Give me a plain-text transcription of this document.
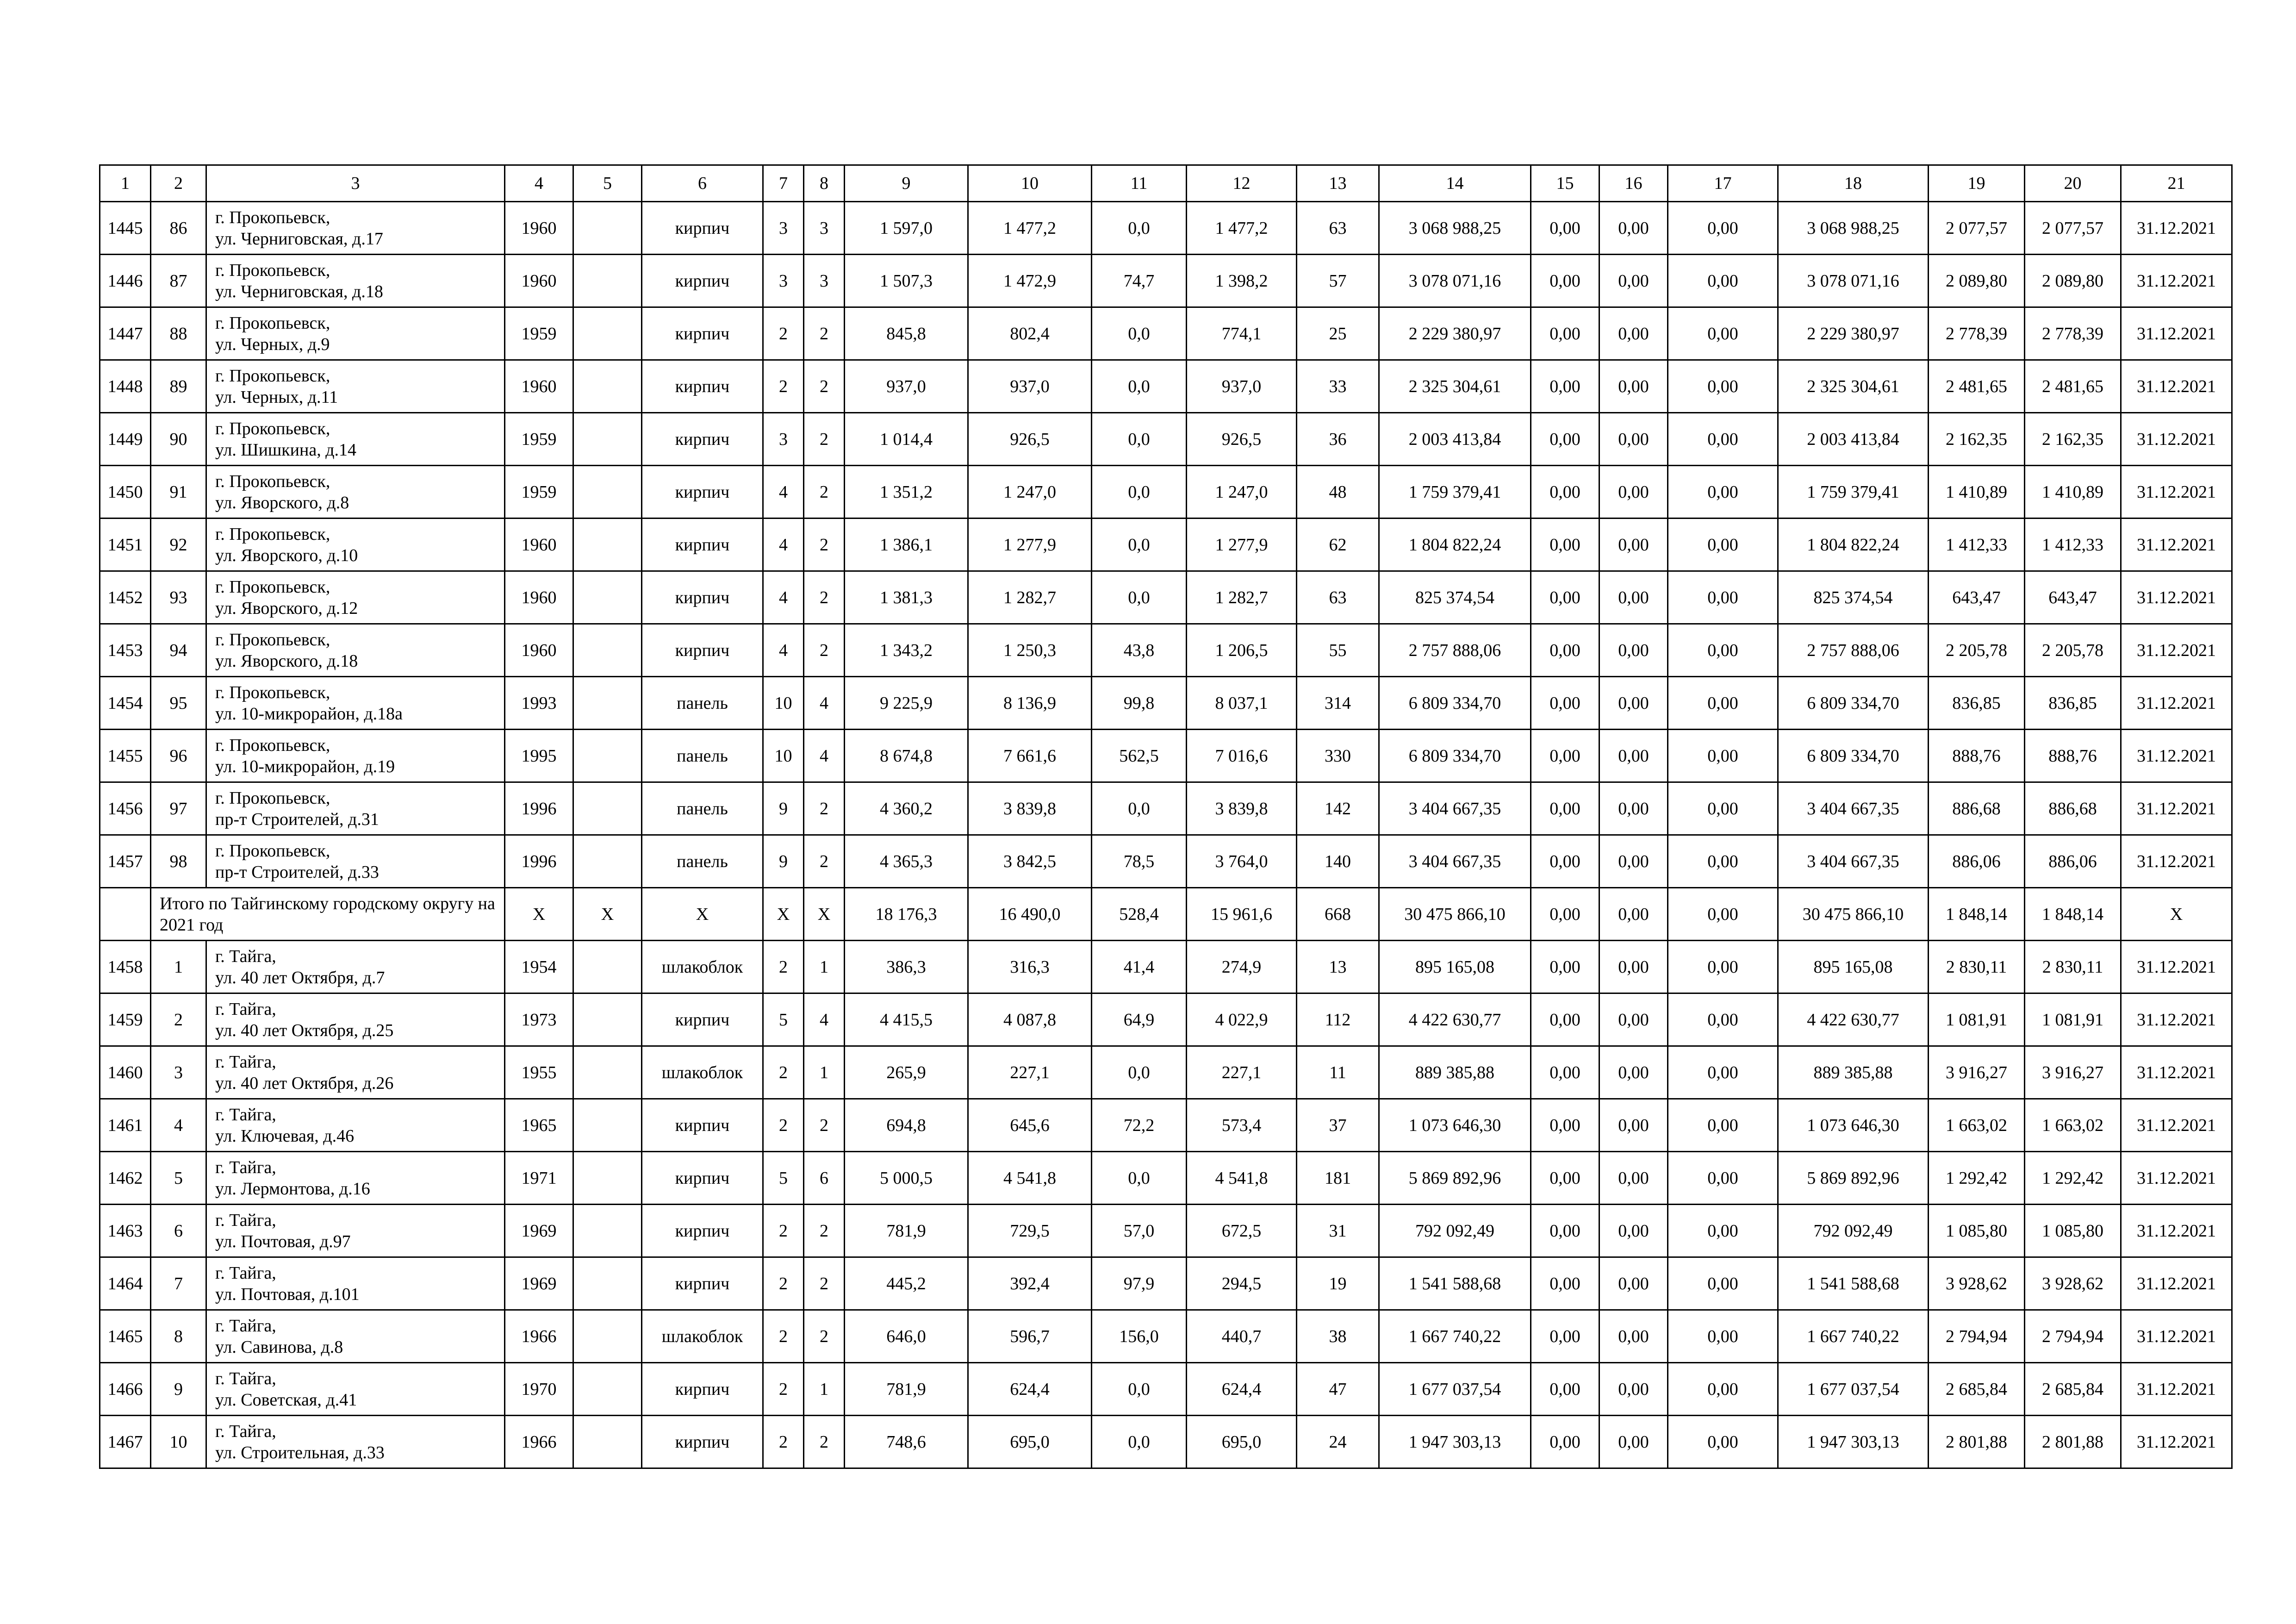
1	2	3	4	5	6	7	8	9	10	11	12	13	14	15	16	17	18	19	20	21
1445	86	г. Прокопьевск,
ул. Черниговская, д.17	1960		кирпич	3	3	1 597,0	1 477,2	0,0	1 477,2	63	3 068 988,25	0,00	0,00	0,00	3 068 988,25	2 077,57	2 077,57	31.12.2021
1446	87	г. Прокопьевск,
ул. Черниговская, д.18	1960		кирпич	3	3	1 507,3	1 472,9	74,7	1 398,2	57	3 078 071,16	0,00	0,00	0,00	3 078 071,16	2 089,80	2 089,80	31.12.2021
1447	88	г. Прокопьевск,
ул. Черных, д.9	1959		кирпич	2	2	845,8	802,4	0,0	774,1	25	2 229 380,97	0,00	0,00	0,00	2 229 380,97	2 778,39	2 778,39	31.12.2021
1448	89	г. Прокопьевск,
ул. Черных, д.11	1960		кирпич	2	2	937,0	937,0	0,0	937,0	33	2 325 304,61	0,00	0,00	0,00	2 325 304,61	2 481,65	2 481,65	31.12.2021
1449	90	г. Прокопьевск,
ул. Шишкина, д.14	1959		кирпич	3	2	1 014,4	926,5	0,0	926,5	36	2 003 413,84	0,00	0,00	0,00	2 003 413,84	2 162,35	2 162,35	31.12.2021
1450	91	г. Прокопьевск,
ул. Яворского, д.8	1959		кирпич	4	2	1 351,2	1 247,0	0,0	1 247,0	48	1 759 379,41	0,00	0,00	0,00	1 759 379,41	1 410,89	1 410,89	31.12.2021
1451	92	г. Прокопьевск,
ул. Яворского, д.10	1960		кирпич	4	2	1 386,1	1 277,9	0,0	1 277,9	62	1 804 822,24	0,00	0,00	0,00	1 804 822,24	1 412,33	1 412,33	31.12.2021
1452	93	г. Прокопьевск,
ул. Яворского, д.12	1960		кирпич	4	2	1 381,3	1 282,7	0,0	1 282,7	63	825 374,54	0,00	0,00	0,00	825 374,54	643,47	643,47	31.12.2021
1453	94	г. Прокопьевск,
ул. Яворского, д.18	1960		кирпич	4	2	1 343,2	1 250,3	43,8	1 206,5	55	2 757 888,06	0,00	0,00	0,00	2 757 888,06	2 205,78	2 205,78	31.12.2021
1454	95	г. Прокопьевск,
ул. 10-микрорайон, д.18а	1993		панель	10	4	9 225,9	8 136,9	99,8	8 037,1	314	6 809 334,70	0,00	0,00	0,00	6 809 334,70	836,85	836,85	31.12.2021
1455	96	г. Прокопьевск,
ул. 10-микрорайон, д.19	1995		панель	10	4	8 674,8	7 661,6	562,5	7 016,6	330	6 809 334,70	0,00	0,00	0,00	6 809 334,70	888,76	888,76	31.12.2021
1456	97	г. Прокопьевск,
пр-т Строителей, д.31	1996		панель	9	2	4 360,2	3 839,8	0,0	3 839,8	142	3 404 667,35	0,00	0,00	0,00	3 404 667,35	886,68	886,68	31.12.2021
1457	98	г. Прокопьевск,
пр-т Строителей, д.33	1996		панель	9	2	4 365,3	3 842,5	78,5	3 764,0	140	3 404 667,35	0,00	0,00	0,00	3 404 667,35	886,06	886,06	31.12.2021
	Итого по Тайгинскому городскому округу на 2021 год		X	X	X	X	X	18 176,3	16 490,0	528,4	15 961,6	668	30 475 866,10	0,00	0,00	0,00	30 475 866,10	1 848,14	1 848,14	X
1458	1	г. Тайга,
ул. 40 лет Октября, д.7	1954		шлакоблок	2	1	386,3	316,3	41,4	274,9	13	895 165,08	0,00	0,00	0,00	895 165,08	2 830,11	2 830,11	31.12.2021
1459	2	г. Тайга,
ул. 40 лет Октября, д.25	1973		кирпич	5	4	4 415,5	4 087,8	64,9	4 022,9	112	4 422 630,77	0,00	0,00	0,00	4 422 630,77	1 081,91	1 081,91	31.12.2021
1460	3	г. Тайга,
ул. 40 лет Октября, д.26	1955		шлакоблок	2	1	265,9	227,1	0,0	227,1	11	889 385,88	0,00	0,00	0,00	889 385,88	3 916,27	3 916,27	31.12.2021
1461	4	г. Тайга,
ул. Ключевая, д.46	1965		кирпич	2	2	694,8	645,6	72,2	573,4	37	1 073 646,30	0,00	0,00	0,00	1 073 646,30	1 663,02	1 663,02	31.12.2021
1462	5	г. Тайга,
ул. Лермонтова, д.16	1971		кирпич	5	6	5 000,5	4 541,8	0,0	4 541,8	181	5 869 892,96	0,00	0,00	0,00	5 869 892,96	1 292,42	1 292,42	31.12.2021
1463	6	г. Тайга,
ул. Почтовая, д.97	1969		кирпич	2	2	781,9	729,5	57,0	672,5	31	792 092,49	0,00	0,00	0,00	792 092,49	1 085,80	1 085,80	31.12.2021
1464	7	г. Тайга,
ул. Почтовая, д.101	1969		кирпич	2	2	445,2	392,4	97,9	294,5	19	1 541 588,68	0,00	0,00	0,00	1 541 588,68	3 928,62	3 928,62	31.12.2021
1465	8	г. Тайга,
ул. Савинова, д.8	1966		шлакоблок	2	2	646,0	596,7	156,0	440,7	38	1 667 740,22	0,00	0,00	0,00	1 667 740,22	2 794,94	2 794,94	31.12.2021
1466	9	г. Тайга,
ул. Советская, д.41	1970		кирпич	2	1	781,9	624,4	0,0	624,4	47	1 677 037,54	0,00	0,00	0,00	1 677 037,54	2 685,84	2 685,84	31.12.2021
1467	10	г. Тайга,
ул. Строительная, д.33	1966		кирпич	2	2	748,6	695,0	0,0	695,0	24	1 947 303,13	0,00	0,00	0,00	1 947 303,13	2 801,88	2 801,88	31.12.2021
